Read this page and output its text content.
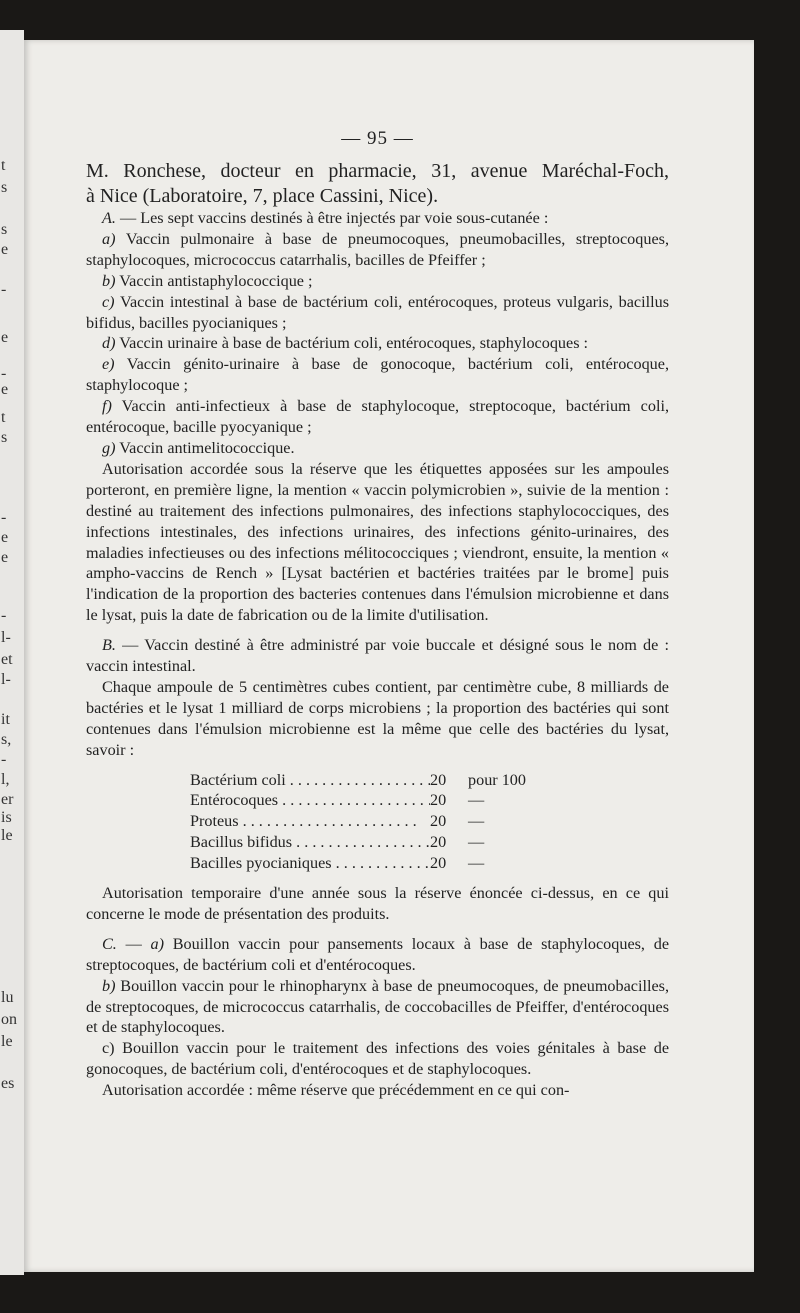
t
s
s
e
-
e
-
e
t
s
-
e
e
-
l-
et
l-
it
s,
-
l,
er
is
le
lu
on
le
es
— 95 —
M. Ronchese, docteur en pharmacie, 31, avenue Maréchal-Foch,
à Nice (Laboratoire, 7, place Cassini, Nice).

A. — Les sept vaccins destinés à être injectés par voie sous-cutanée :

a) Vaccin pulmonaire à base de pneumocoques, pneumobacilles, streptocoques, staphylocoques, micrococcus catarrhalis, bacilles de Pfeiffer ;

b) Vaccin antistaphylococcique ;

c) Vaccin intestinal à base de bactérium coli, entérocoques, proteus vulgaris, bacillus bifidus, bacilles pyocianiques ;

d) Vaccin urinaire à base de bactérium coli, entérocoques, staphylocoques :

e) Vaccin génito-urinaire à base de gonocoque, bactérium coli, entérocoque, staphylocoque ;

f) Vaccin anti-infectieux à base de staphylocoque, streptocoque, bactérium coli, entérocoque, bacille pyocyanique ;

g) Vaccin antimelitococcique.

Autorisation accordée sous la réserve que les étiquettes apposées sur les ampoules porteront, en première ligne, la mention « vaccin polymicrobien », suivie de la mention : destiné au traitement des infections pulmonaires, des infections staphylococciques, des infections intestinales, des infections urinaires, des infections génito-urinaires, des maladies infectieuses ou des infections mélitococciques ; viendront, ensuite, la mention « ampho-vaccins de Rench » [Lysat bactérien et bactéries traitées par le brome] puis l'indication de la proportion des bacteries contenues dans l'émulsion microbienne et dans le lysat, puis la date de fabrication ou de la limite d'utilisation.

B. — Vaccin destiné à être administré par voie buccale et désigné sous le nom de : vaccin intestinal.

Chaque ampoule de 5 centimètres cubes contient, par centimètre cube, 8 milliards de bactéries et le lysat 1 milliard de corps microbiens ; la proportion des bactéries qui sont contenues dans l'émulsion microbienne est la même que celle des bactéries du lysat, savoir :

Bactérium coli . . .	20	pour 100
Entérocoques . . .	20	—
Proteus . . .	20	—
Bacillus bifidus . . .	20	—
Bacilles pyocianiques . . .	20	—

Autorisation temporaire d'une année sous la réserve énoncée ci-dessus, en ce qui concerne le mode de présentation des produits.

C. — a) Bouillon vaccin pour pansements locaux à base de staphylocoques, de streptocoques, de bactérium coli et d'entérocoques.

b) Bouillon vaccin pour le rhinopharynx à base de pneumocoques, de pneumobacilles, de streptocoques, de micrococcus catarrhalis, de coccobacilles de Pfeiffer, d'entérocoques et de staphylocoques.

c) Bouillon vaccin pour le traitement des infections des voies génitales à base de gonocoques, de bactérium coli, d'entérocoques et de staphylocoques.

Autorisation accordée : même réserve que précédemment en ce qui con-
